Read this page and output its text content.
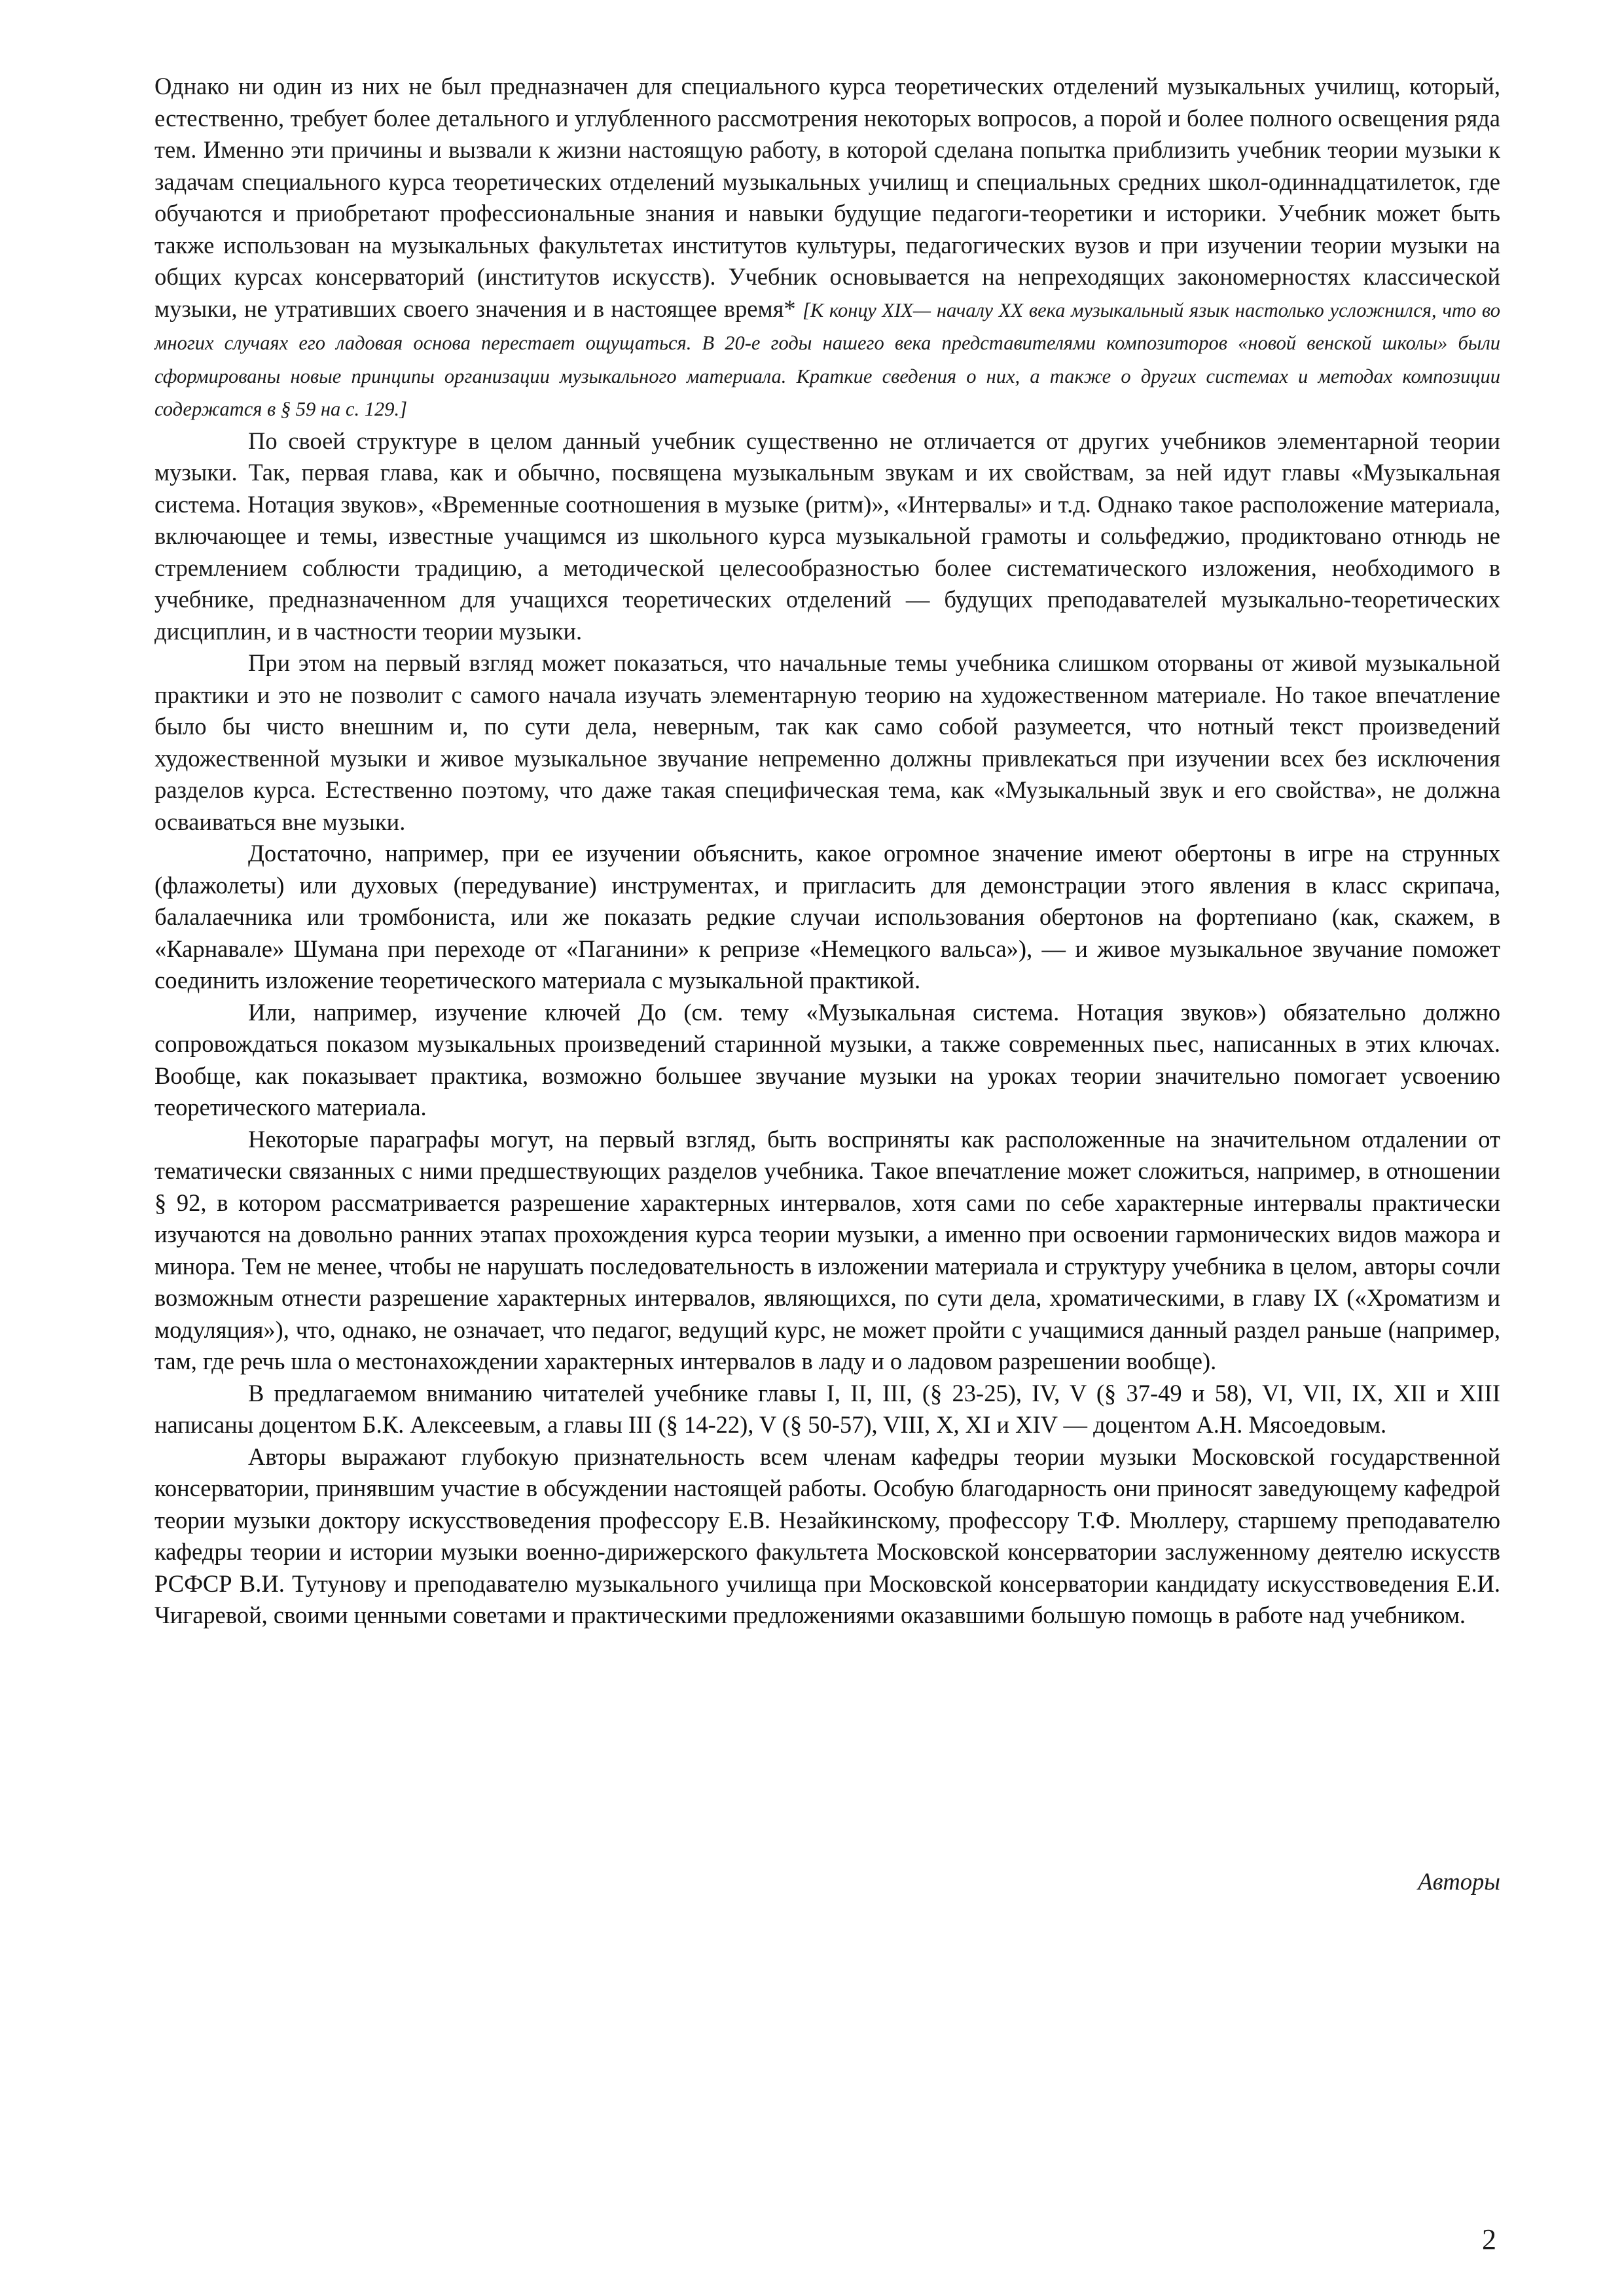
Однако ни один из них не был предназначен для специального курса теоретических отделений музыкальных училищ, который, естественно, требует более детального и углубленного рассмотрения некоторых вопросов, а порой и более полного освещения ряда тем. Именно эти причины и вызвали к жизни настоящую работу, в которой сделана попытка приблизить учебник теории музыки к задачам специального курса теоретических отделений музыкальных училищ и специальных средних школ-одиннадцатилеток, где обучаются и приобретают профессиональные знания и навыки будущие педагоги-теоретики и историки. Учебник может быть также использован на музыкальных факультетах институтов культуры, педагогических вузов и при изучении теории музыки на общих курсах консерваторий (институтов искусств). Учебник основывается на непреходящих закономерностях классической музыки, не утративших своего значения и в настоящее время* [К концу XIX— началу XX века музыкальный язык настолько усложнился, что во многих случаях его ладовая основа перестает ощущаться. В 20-е годы нашего века представителями композиторов «новой венской школы» были сформированы новые принципы организации музыкального материала. Краткие сведения о них, а также о других системах и методах композиции содержатся в § 59 на с. 129.]

По своей структуре в целом данный учебник существенно не отличается от других учебников элементарной теории музыки. Так, первая глава, как и обычно, посвящена музыкальным звукам и их свойствам, за ней идут главы «Музыкальная система. Нотация звуков», «Временные соотношения в музыке (ритм)», «Интервалы» и т.д. Однако такое расположение материала, включающее и темы, известные учащимся из школьного курса музыкальной грамоты и сольфеджио, продиктовано отнюдь не стремлением соблюсти традицию, а методической целесообразностью более систематического изложения, необходимого в учебнике, предназначенном для учащихся теоретических отделений — будущих преподавателей музыкально-теоретических дисциплин, и в частности теории музыки.

При этом на первый взгляд может показаться, что начальные темы учебника слишком оторваны от живой музыкальной практики и это не позволит с самого начала изучать элементарную теорию на художественном материале. Но такое впечатление было бы чисто внешним и, по сути дела, неверным, так как само собой разумеется, что нотный текст произведений художественной музыки и живое музыкальное звучание непременно должны привлекаться при изучении всех без исключения разделов курса. Естественно поэтому, что даже такая специфическая тема, как «Музыкальный звук и его свойства», не должна осваиваться вне музыки.

Достаточно, например, при ее изучении объяснить, какое огромное значение имеют обертоны в игре на струнных (флажолеты) или духовых (передувание) инструментах, и пригласить для демонстрации этого явления в класс скрипача, балалаечника или тромбониста, или же показать редкие случаи использования обертонов на фортепиано (как, скажем, в «Карнавале» Шумана при переходе от «Паганини» к репризе «Немецкого вальса»), — и живое музыкальное звучание поможет соединить изложение теоретического материала с музыкальной практикой.

Или, например, изучение ключей До (см. тему «Музыкальная система. Нотация звуков») обязательно должно сопровождаться показом музыкальных произведений старинной музыки, а также современных пьес, написанных в этих ключах. Вообще, как показывает практика, возможно большее звучание музыки на уроках теории значительно помогает усвоению теоретического материала.

Некоторые параграфы могут, на первый взгляд, быть восприняты как расположенные на значительном отдалении от тематически связанных с ними предшествующих разделов учебника. Такое впечатление может сложиться, например, в отношении § 92, в котором рассматривается разрешение характерных интервалов, хотя сами по себе характерные интервалы практически изучаются на довольно ранних этапах прохождения курса теории музыки, а именно при освоении гармонических видов мажора и минора. Тем не менее, чтобы не нарушать последовательность в изложении материала и структуру учебника в целом, авторы сочли возможным отнести разрешение характерных интервалов, являющихся, по сути дела, хроматическими, в главу IX («Хроматизм и модуляция»), что, однако, не означает, что педагог, ведущий курс, не может пройти с учащимися данный раздел раньше (например, там, где речь шла о местонахождении характерных интервалов в ладу и о ладовом разрешении вообще).

В предлагаемом вниманию читателей учебнике главы I, II, III, (§ 23-25), IV, V (§ 37-49 и 58), VI, VII, IX, XII и XIII написаны доцентом Б.К. Алексеевым, а главы III (§ 14-22), V (§ 50-57), VIII, X, XI и XIV — доцентом А.Н. Мясоедовым.

Авторы выражают глубокую признательность всем членам кафедры теории музыки Московской государственной консерватории, принявшим участие в обсуждении настоящей работы. Особую благодарность они приносят заведующему кафедрой теории музыки доктору искусствоведения профессору Е.В. Незайкинскому, профессору Т.Ф. Мюллеру, старшему преподавателю кафедры теории и истории музыки военно-дирижерского факультета Московской консерватории заслуженному деятелю искусств РСФСР В.И. Тутунову и преподавателю музыкального училища при Московской консерватории кандидату искусствоведения Е.И. Чигаревой, своими ценными советами и практическими предложениями оказавшими большую помощь в работе над учебником.

Авторы

2
